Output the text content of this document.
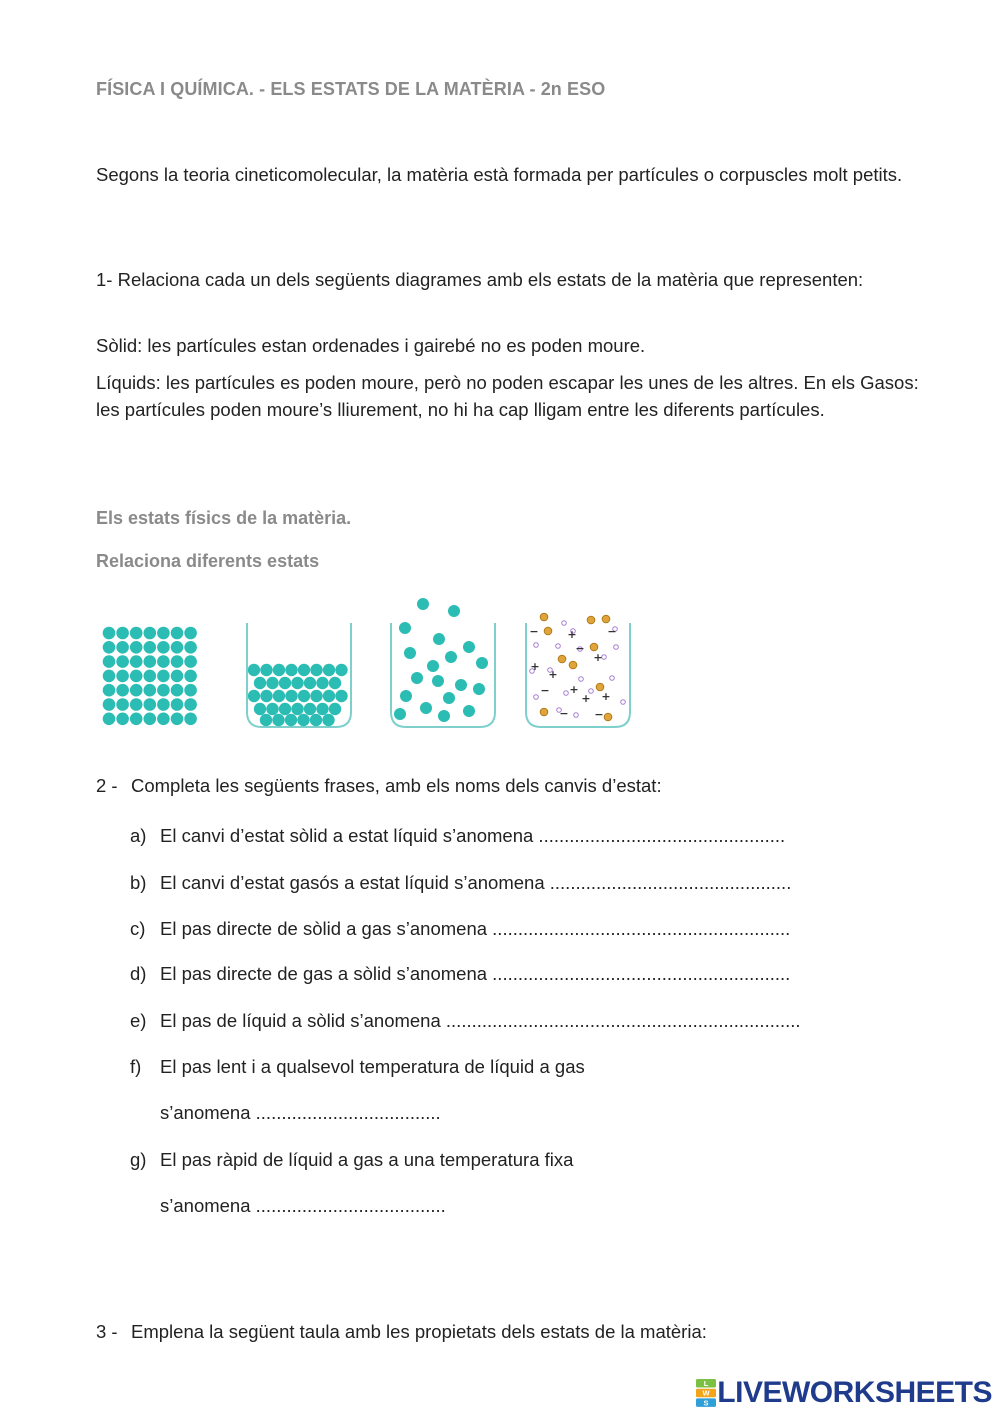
FÍSICA I QUÍMICA. - ELS ESTATS DE LA MATÈRIA - 2n ESO
Segons la teoria cineticomolecular, la matèria està formada per partícules o corpuscles molt petits.
1- Relaciona cada un dels següents diagrames amb els estats de la matèria que representen:
Sòlid: les partícules estan ordenades i gairebé no es poden moure.
Líquids: les partícules es poden moure, però no poden escapar les unes de les altres. En els Gasos: les partícules poden moure’s lliurement, no hi ha cap lligam entre les diferents partícules.
Els estats físics de la matèria.
Relaciona diferents estats
−	−
−
+
+
+
+
− +
+
− −
+
2 - Completa les següents frases, amb els noms dels canvis d’estat:
a) El canvi d’estat sòlid a estat líquid s’anomena ................................................
b) El canvi d’estat gasós a estat líquid s’anomena ...............................................
c) El pas directe de sòlid a gas s’anomena ..........................................................
d) El pas directe de gas a sòlid s’anomena ..........................................................
e) El pas de líquid a sòlid s’anomena .....................................................................
f) El pas lent i a qualsevol temperatura de líquid a gas
s’anomena ....................................
g) El pas ràpid de líquid a gas a una temperatura fixa
s’anomena .....................................
3 - Emplena la següent taula amb les propietats dels estats de la matèria:
L
W
S LIVEWORKSHEETS
